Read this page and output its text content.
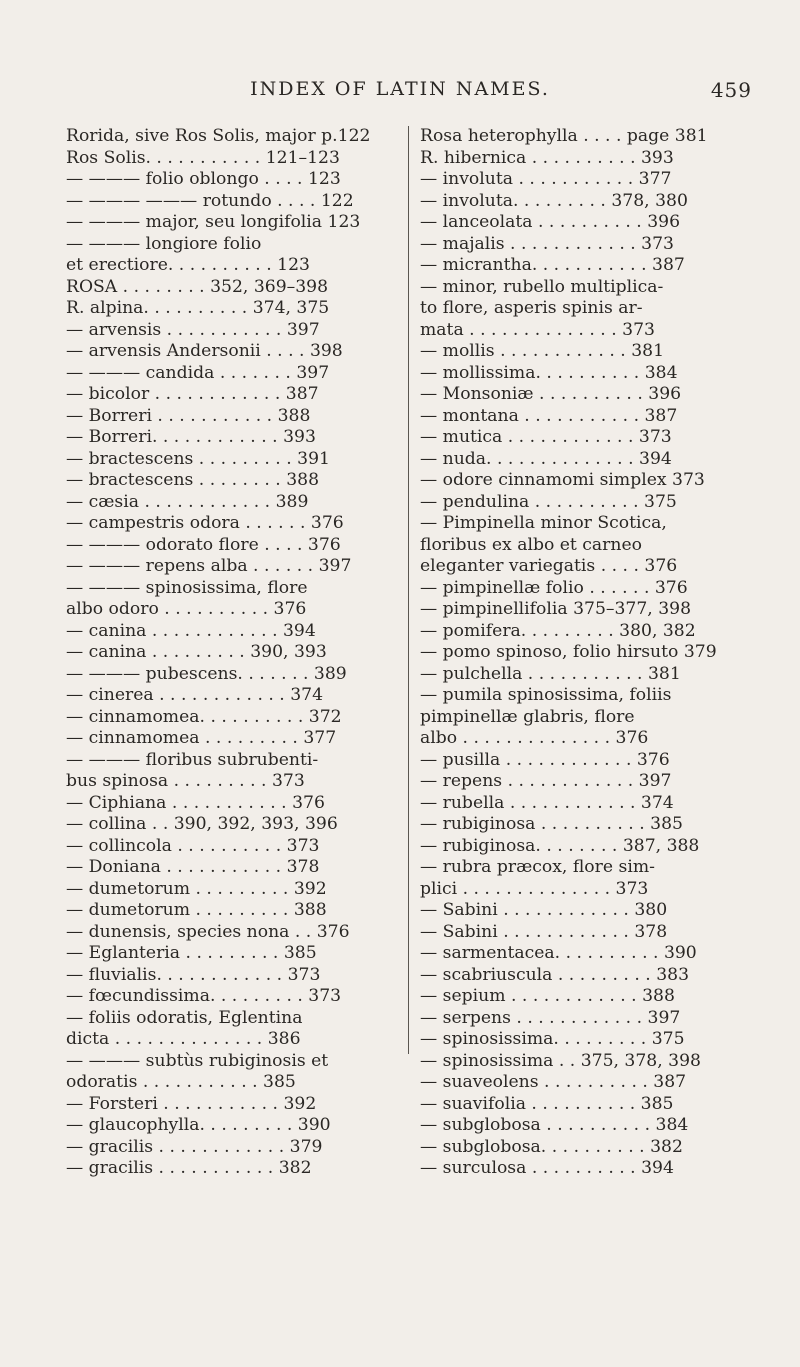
INDEX OF LATIN NAMES.	459
Rorida, sive Ros Solis, major p.122
Ros Solis. . . . . . . . . . . 121–123
— ——— folio oblongo . . . . 123
— ——— ——— rotundo . . . . 122
— ——— major, seu longifolia 123
— ——— longiore folio
et erectiore. . . . . . . . . . 123
ROSA . . . . . . . . 352, 369–398
R. alpina. . . . . . . . . . 374, 375
— arvensis . . . . . . . . . . . 397
— arvensis Andersonii . . . . 398
— ——— candida . . . . . . . 397
— bicolor . . . . . . . . . . . . 387
— Borreri . . . . . . . . . . . 388
— Borreri. . . . . . . . . . . . 393
— bractescens . . . . . . . . . 391
— bractescens . . . . . . . . 388
— cæsia . . . . . . . . . . . . 389
— campestris odora . . . . . . 376
— ——— odorato flore . . . . 376
— ——— repens alba . . . . . . 397
— ——— spinosissima, flore
albo odoro . . . . . . . . . . 376
— canina . . . . . . . . . . . . 394
— canina . . . . . . . . . 390, 393
— ——— pubescens. . . . . . . 389
— cinerea . . . . . . . . . . . . 374
— cinnamomea. . . . . . . . . . 372
— cinnamomea . . . . . . . . . 377
— ——— floribus subrubenti-
bus spinosa . . . . . . . . . 373
— Ciphiana . . . . . . . . . . . 376
— collina . . 390, 392, 393, 396
— collincola . . . . . . . . . . 373
— Doniana . . . . . . . . . . . 378
— dumetorum . . . . . . . . . 392
— dumetorum . . . . . . . . . 388
— dunensis, species nona . . 376
— Eglanteria . . . . . . . . . 385
— fluvialis. . . . . . . . . . . . 373
— fœcundissima. . . . . . . . . 373
— foliis odoratis, Eglentina
dicta . . . . . . . . . . . . . . 386
— ——— subtùs rubiginosis et
odoratis . . . . . . . . . . . 385
— Forsteri . . . . . . . . . . . 392
— glaucophylla. . . . . . . . . 390
— gracilis . . . . . . . . . . . . 379
— gracilis . . . . . . . . . . . 382
Rosa heterophylla . . . . page 381
R. hibernica . . . . . . . . . . 393
— involuta . . . . . . . . . . . 377
— involuta. . . . . . . . . 378, 380
— lanceolata . . . . . . . . . . 396
— majalis . . . . . . . . . . . . 373
— micrantha. . . . . . . . . . . 387
— minor, rubello multiplica-
to flore, asperis spinis ar-
mata . . . . . . . . . . . . . . 373
— mollis . . . . . . . . . . . . 381
— mollissima. . . . . . . . . . 384
— Monsoniæ . . . . . . . . . . 396
— montana . . . . . . . . . . . 387
— mutica . . . . . . . . . . . . 373
— nuda. . . . . . . . . . . . . . 394
— odore cinnamomi simplex 373
— pendulina . . . . . . . . . . 375
— Pimpinella minor Scotica,
floribus ex albo et carneo
eleganter variegatis . . . . 376
— pimpinellæ folio . . . . . . 376
— pimpinellifolia 375–377, 398
— pomifera. . . . . . . . . 380, 382
— pomo spinoso, folio hirsuto 379
— pulchella . . . . . . . . . . . 381
— pumila spinosissima, foliis
pimpinellæ glabris, flore
albo . . . . . . . . . . . . . . 376
— pusilla . . . . . . . . . . . . 376
— repens . . . . . . . . . . . . 397
— rubella . . . . . . . . . . . . 374
— rubiginosa . . . . . . . . . . 385
— rubiginosa. . . . . . . . 387, 388
— rubra præcox, flore sim-
plici . . . . . . . . . . . . . . 373
— Sabini . . . . . . . . . . . . 380
— Sabini . . . . . . . . . . . . 378
— sarmentacea. . . . . . . . . . 390
— scabriuscula . . . . . . . . . 383
— sepium . . . . . . . . . . . . 388
— serpens . . . . . . . . . . . . 397
— spinosissima. . . . . . . . . 375
— spinosissima . . 375, 378, 398
— suaveolens . . . . . . . . . . 387
— suavifolia . . . . . . . . . . 385
— subglobosa . . . . . . . . . . 384
— subglobosa. . . . . . . . . . 382
— surculosa . . . . . . . . . . 394
